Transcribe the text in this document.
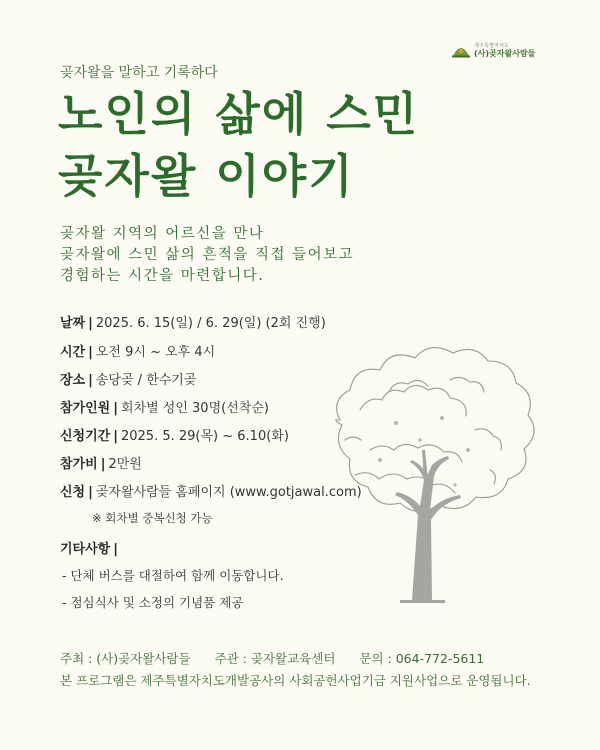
제주특별자치도
(사)곶자왈사람들
곶자왈을 말하고 기록하다
노인의 삶에 스민
곶자왈 이야기
곶자왈 지역의 어르신을 만나
곶자왈에 스민 삶의 흔적을 직접 들어보고
경험하는 시간을 마련합니다.
날짜 | 2025. 6. 15(일) / 6. 29(일) (2회 진행)
시간 | 오전 9시 ~ 오후 4시
장소 | 송당곶 / 한수기곶
참가인원 | 회차별 성인 30명(선착순)
신청기간 | 2025. 5. 29(목) ~ 6.10(화)
참가비 | 2만원
신청 | 곶자왈사람들 홈페이지 (www.gotjawal.com)
※ 회차별 중복신청 가능
기타사항 |
- 단체 버스를 대절하여 함께 이동합니다.
- 점심식사 및 소정의 기념품 제공
주최 : (사)곶자왈사람들 주관 : 곶자왈교육센터 문의 : 064-772-5611
본 프로그램은 제주특별자치도개발공사의 사회공헌사업기금 지원사업으로 운영됩니다.
